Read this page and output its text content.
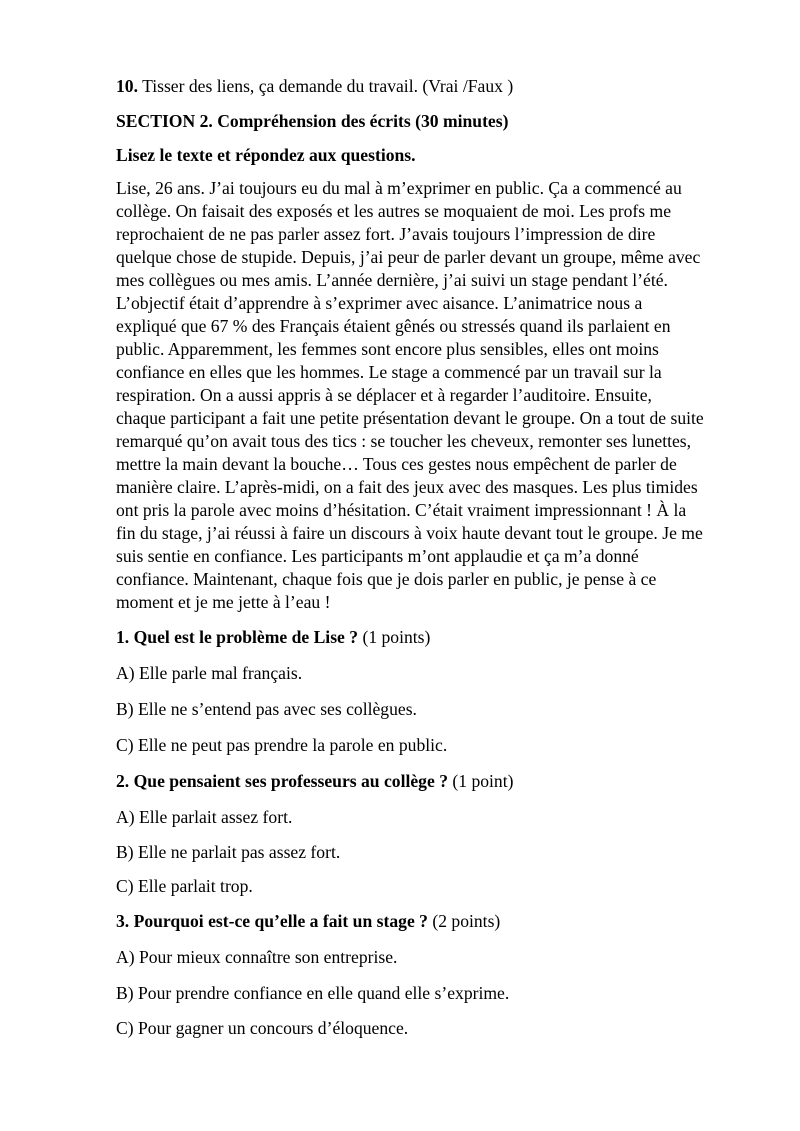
10. Tisser des liens, ça demande du travail. (Vrai /Faux )
SECTION 2. Compréhension des écrits (30 minutes)
Lisez le texte et répondez aux questions.
Lise, 26 ans. J’ai toujours eu du mal à m’exprimer en public. Ça a commencé au
collège. On faisait des exposés et les autres se moquaient de moi. Les profs me
reprochaient de ne pas parler assez fort. J’avais toujours l’impression de dire
quelque chose de stupide. Depuis, j’ai peur de parler devant un groupe, même avec
mes collègues ou mes amis. L’année dernière, j’ai suivi un stage pendant l’été.
L’objectif était d’apprendre à s’exprimer avec aisance. L’animatrice nous a
expliqué que 67 % des Français étaient gênés ou stressés quand ils parlaient en
public. Apparemment, les femmes sont encore plus sensibles, elles ont moins
confiance en elles que les hommes. Le stage a commencé par un travail sur la
respiration. On a aussi appris à se déplacer et à regarder l’auditoire. Ensuite,
chaque participant a fait une petite présentation devant le groupe. On a tout de suite
remarqué qu’on avait tous des tics : se toucher les cheveux, remonter ses lunettes,
mettre la main devant la bouche… Tous ces gestes nous empêchent de parler de
manière claire. L’après-midi, on a fait des jeux avec des masques. Les plus timides
ont pris la parole avec moins d’hésitation. C’était vraiment impressionnant ! À la
fin du stage, j’ai réussi à faire un discours à voix haute devant tout le groupe. Je me
suis sentie en confiance. Les participants m’ont applaudie et ça m’a donné
confiance. Maintenant, chaque fois que je dois parler en public, je pense à ce
moment et je me jette à l’eau !
1. Quel est le problème de Lise ? (1 points)
A) Elle parle mal français.
B) Elle ne s’entend pas avec ses collègues.
C) Elle ne peut pas prendre la parole en public.
2. Que pensaient ses professeurs au collège ? (1 point)
A) Elle parlait assez fort.
B) Elle ne parlait pas assez fort.
C) Elle parlait trop.
3. Pourquoi est-ce qu’elle a fait un stage ? (2 points)
A) Pour mieux connaître son entreprise.
B) Pour prendre confiance en elle quand elle s’exprime.
C) Pour gagner un concours d’éloquence.
